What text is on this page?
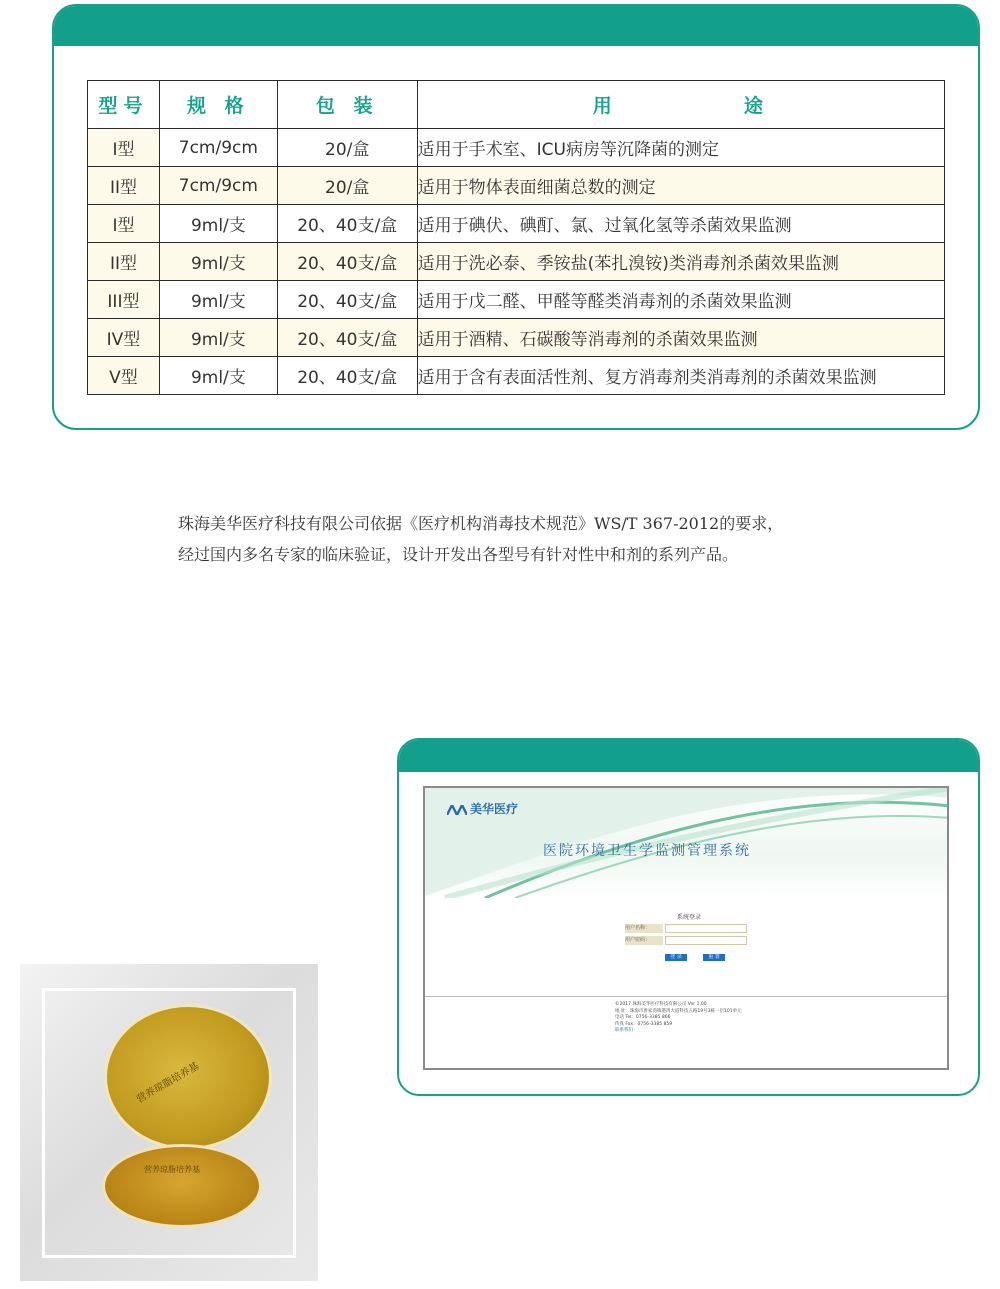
型号	规 格	包 装	用          途
I型	7cm/9cm	20/盒	适用于手术室、ICU病房等沉降菌的测定
II型	7cm/9cm	20/盒	适用于物体表面细菌总数的测定
I型	9ml/支	20、40支/盒	适用于碘伏、碘酊、氯、过氧化氢等杀菌效果监测
II型	9ml/支	20、40支/盒	适用于洗必泰、季铵盐(苯扎溴铵)类消毒剂杀菌效果监测
III型	9ml/支	20、40支/盒	适用于戊二醛、甲醛等醛类消毒剂的杀菌效果监测
IV型	9ml/支	20、40支/盒	适用于酒精、石碳酸等消毒剂的杀菌效果监测
V型	9ml/支	20、40支/盒	适用于含有表面活性剂、复方消毒剂类消毒剂的杀菌效果监测
珠海美华医疗科技有限公司依据《医疗机构消毒技术规范》WS/T 367-2012的要求，
经过国内多名专家的临床验证，设计开发出各型号有针对性中和剂的系列产品。
营养琼脂培养基
营养琼脂培养基
美华医疗
医院环境卫生学监测管理系统
系统登录
用户名称：
用户密码：
登 录	重 置
©2017 珠海美华医疗科技有限公司 Ver 1.00
地 址：珠海市唐家湾镇港湾大道科技五路19号3栋一层101单元
电话 Tel：0756-3385 866
传真 Fax：0756-3385 859
联系我们
